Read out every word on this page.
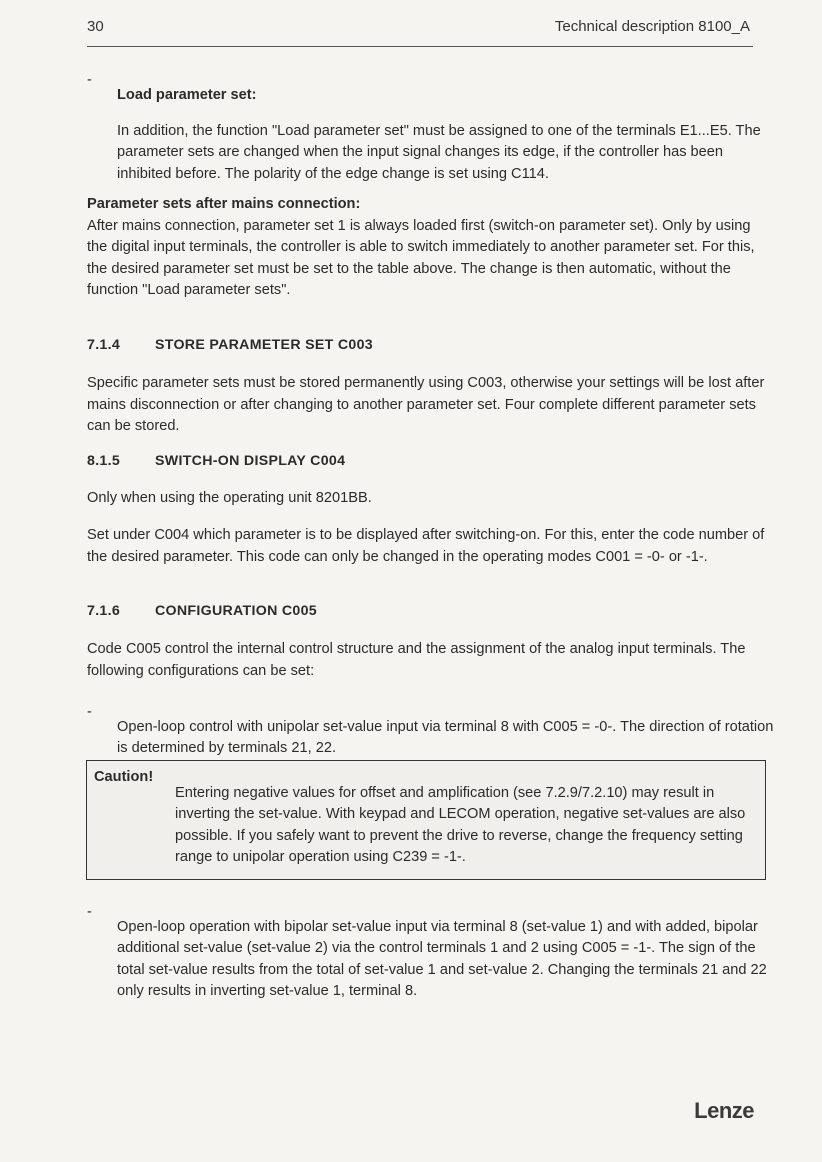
30	Technical description 8100_A
-

Load parameter set:

In addition, the function "Load parameter set" must be assigned to one of the terminals E1...E5. The parameter sets are changed when the input signal changes its edge, if the controller has been inhibited before. The polarity of the edge change is set using C114.

Parameter sets after mains connection:

After mains connection, parameter set 1 is always loaded first (switch-on parameter set). Only by using the digital input terminals, the controller is able to switch immediately to another parameter set. For this, the desired parameter set must be set to the table above. The change is then automatic, without the function "Load parameter sets".

7.1.4 STORE PARAMETER SET C003

Specific parameter sets must be stored permanently using C003, otherwise your settings will be lost after mains disconnection or after changing to another parameter set. Four complete different parameter sets can be stored.

8.1.5 SWITCH-ON DISPLAY C004

Only when using the operating unit 8201BB.

Set under C004 which parameter is to be displayed after switching-on. For this, enter the code number of the desired parameter. This code can only be changed in the operating modes C001 = -0- or -1-.

7.1.6 CONFIGURATION C005

Code C005 control the internal control structure and the assignment of the analog input terminals. The following configurations can be set:

-

Open-loop control with unipolar set-value input via terminal 8 with C005 = -0-. The direction of rotation is determined by terminals 21, 22.

Caution!

Entering negative values for offset and amplification (see 7.2.9/7.2.10) may result in inverting the set-value. With keypad and LECOM operation, negative set-values are also possible. If you safely want to prevent the drive to reverse, change the frequency setting range to unipolar operation using C239 = -1-.

-

Open-loop operation with bipolar set-value input via terminal 8 (set-value 1) and with added, bipolar additional set-value (set-value 2) via the control terminals 1 and 2 using C005 = -1-. The sign of the total set-value results from the total of set-value 1 and set-value 2. Changing the terminals 21 and 22 only results in inverting set-value 1, terminal 8.

Lenze
